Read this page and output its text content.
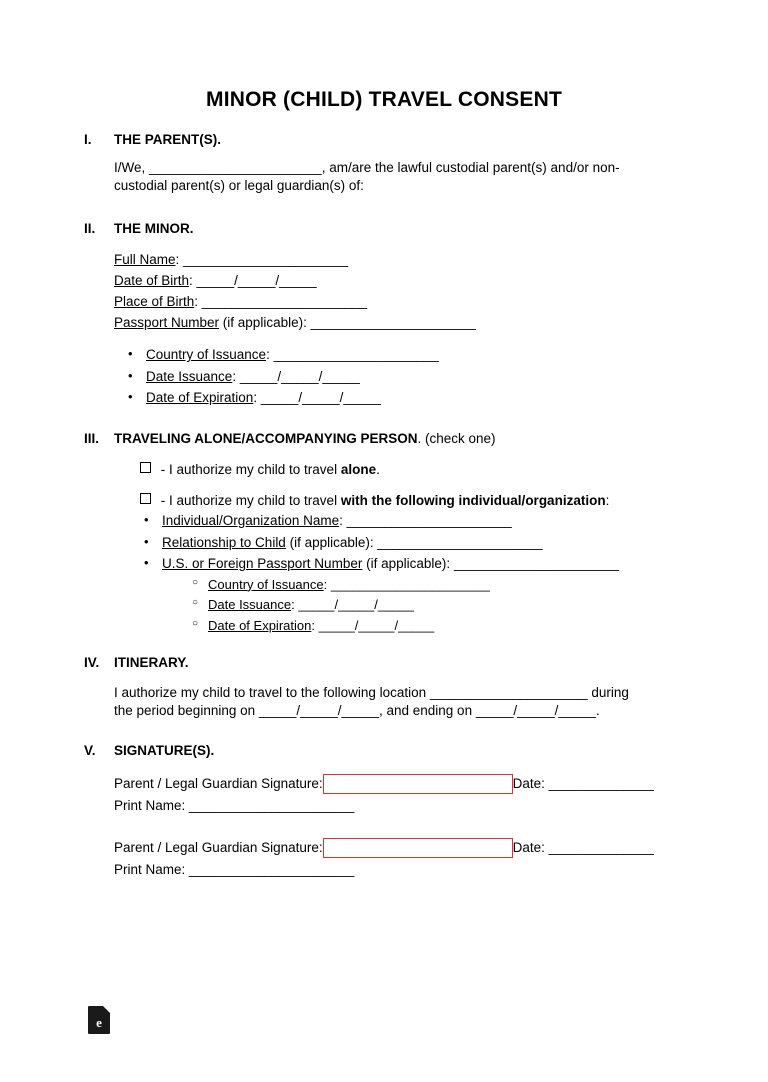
MINOR (CHILD) TRAVEL CONSENT
I. THE PARENT(S).
I/We, _______________________, am/are the lawful custodial parent(s) and/or non-
custodial parent(s) or legal guardian(s) of:
II. THE MINOR.
Full Name: ______________________
Date of Birth: _____/_____/_____
Place of Birth: ______________________
Passport Number (if applicable): ______________________
• Country of Issuance: ______________________
• Date Issuance: _____/_____/_____
• Date of Expiration: _____/_____/_____
III. TRAVELING ALONE/ACCOMPANYING PERSON. (check one)
- I authorize my child to travel alone.
- I authorize my child to travel with the following individual/organization:
• Individual/Organization Name: ______________________
• Relationship to Child (if applicable): ______________________
• U.S. or Foreign Passport Number (if applicable): ______________________
○ Country of Issuance: ______________________
○ Date Issuance: _____/_____/_____
○ Date of Expiration: _____/_____/_____
IV. ITINERARY.
I authorize my child to travel to the following location _____________________ during
the period beginning on _____/_____/_____, and ending on _____/_____/_____.
V. SIGNATURE(S).
Parent / Legal Guardian Signature:	Date: ______________
Print Name: ______________________
Parent / Legal Guardian Signature:	Date: ______________
Print Name: ______________________
e
